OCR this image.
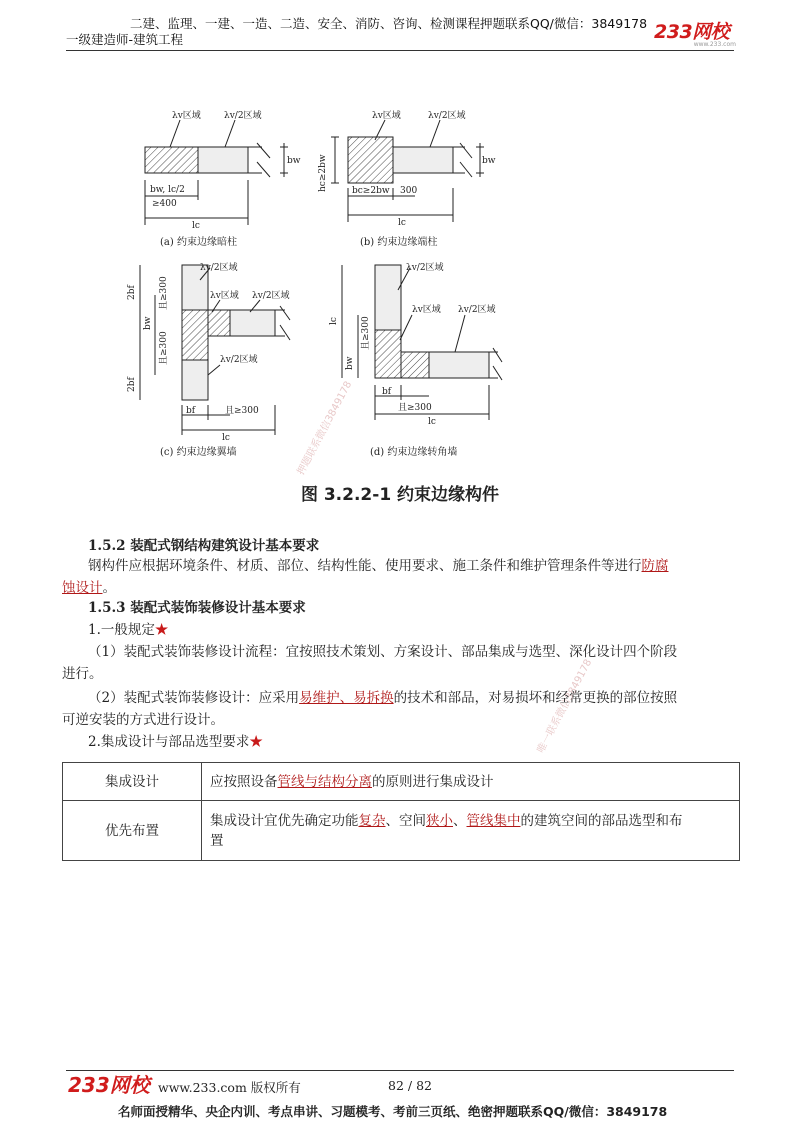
二建、监理、一建、一造、二造、安全、消防、咨询、检测课程押题联系QQ/微信：3849178
一级建造师-建筑工程	233网校
www.233.com
λv区域	λv/2区域
bw, lc/2
≥400
lc
bw
(a) 约束边缘暗柱
λv区域	λv/2区域
hc≥2bw	bc≥2bw 300
lc
bw
(b) 约束边缘端柱
λv/2区域
λv区域 λv/2区域
λv/2区域
2bf
2bf
bw
且≥300
且≥300
bf	且≥300
lc
(c) 约束边缘翼墙
λv/2区域
λv区域 λv/2区域
lc
bw
且≥300
bf
且≥300
lc
(d) 约束边缘转角墙
图 3.2.2-1 约束边缘构件
押题联系微信3849178
唯一联系微信3849178

1.5.2 装配式钢结构建筑设计基本要求

钢构件应根据环境条件、材质、部位、结构性能、使用要求、施工条件和维护管理条件等进行防腐

蚀设计。

1.5.3 装配式装饰装修设计基本要求

1.一般规定★

（1）装配式装饰装修设计流程：宜按照技术策划、方案设计、部品集成与选型、深化设计四个阶段

进行。

（2）装配式装饰装修设计：应采用易维护、易拆换的技术和部品，对易损坏和经常更换的部位按照

可逆安装的方式进行设计。

2.集成设计与部品选型要求★

集成设计	应按照设备管线与结构分离的原则进行集成设计
优先布置	集成设计宜优先确定功能复杂、空间狭小、管线集中的建筑空间的部品选型和布
置
233网校 www.233.com 版权所有	82 / 82
名师面授精华、央企内训、考点串讲、习题模考、考前三页纸、绝密押题联系QQ/微信：3849178
